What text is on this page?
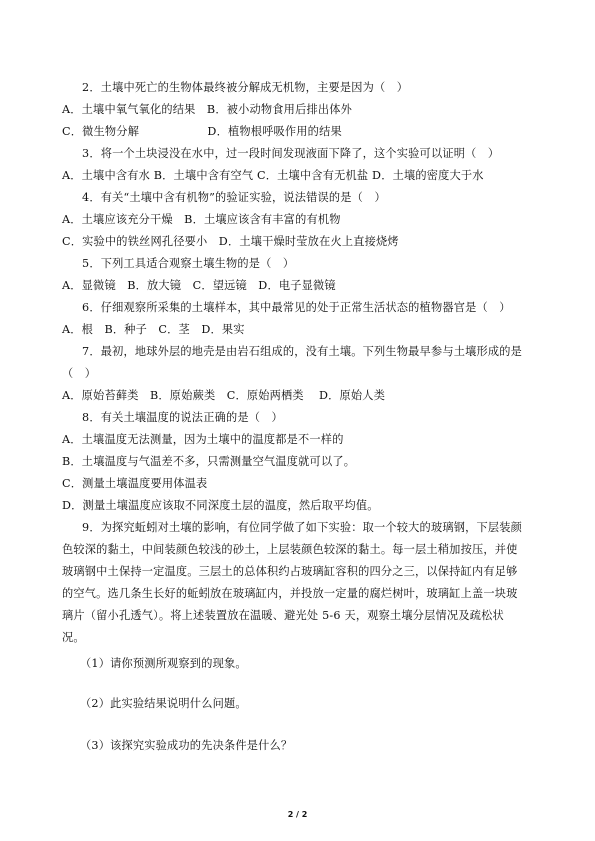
2．土壤中死亡的生物体最终被分解成无机物，主要是因为（　）
A．土壤中氧气氧化的结果　B．被小动物食用后排出体外
C．微生物分解　　　　　　D．植物根呼吸作用的结果
3．将一个土块浸没在水中，过一段时间发现液面下降了，这个实验可以证明（　）
A．土壤中含有水 B．土壤中含有空气 C．土壤中含有无机盐 D．土壤的密度大于水
4．有关“土壤中含有机物”的验证实验，说法错误的是（　）
A．土壤应该充分干燥　B．土壤应该含有丰富的有机物
C．实验中的铁丝网孔径要小　D．土壤干燥时莹放在火上直接烧烤
5．下列工具适合观察土壤生物的是（　）
A．显微镜　B．放大镜　C．望远镜　D．电子显微镜
6．仔细观察所采集的土壤样本，其中最常见的处于正常生活状态的植物器官是（　）
A．根　B．种子　C．茎　D．果实
7．最初，地球外层的地壳是由岩石组成的，没有土壤。下列生物最早参与土壤形成的是
（　）
A．原始苔藓类　B．原始蕨类　C．原始两栖类　 D．原始人类
8．有关土壤温度的说法正确的是（　）
A．土壤温度无法测量，因为土壤中的温度都是不一样的
B．土壤温度与气温差不多，只需测量空气温度就可以了。
C．测量土壤温度要用体温表
D．测量土壤温度应该取不同深度土层的温度，然后取平均值。
9．为探究蚯蚓对土壤的影响，有位同学做了如下实验：取一个较大的玻璃钢，下层装颜
色较深的黏土，中间装颜色较浅的砂土，上层装颜色较深的黏土。每一层土稍加按压，并使
玻璃钢中土保持一定温度。三层土的总体积约占玻璃缸容积的四分之三，以保持缸内有足够
的空气。选几条生长好的蚯蚓放在玻璃缸内，并投放一定量的腐烂树叶，玻璃缸上盖一块玻
璃片（留小孔透气）。将上述装置放在温暖、避光处 5-6 天，观察土壤分层情况及疏松状
况。
（1）请你预测所观察到的现象。
（2）此实验结果说明什么问题。
（3）该探究实验成功的先决条件是什么？
2 / 2
